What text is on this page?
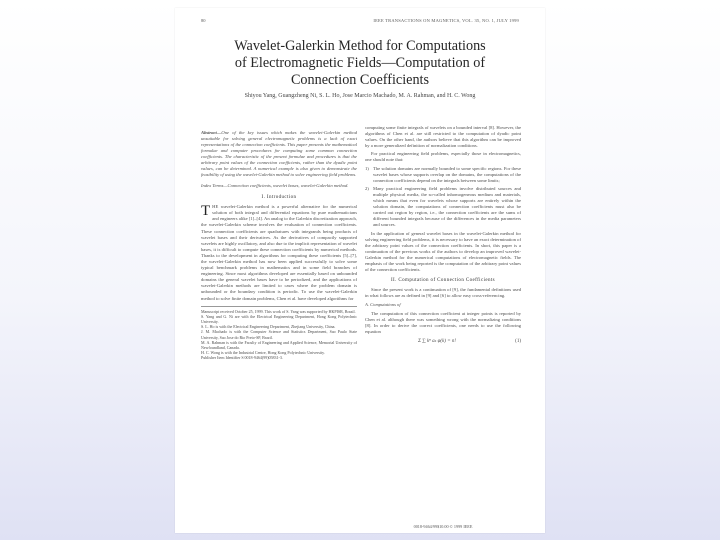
80	IEEE TRANSACTIONS ON MAGNETICS, VOL. 35, NO. 1, JULY 1999
Wavelet-Galerkin Method for Computations
of Electromagnetic Fields—Computation of
Connection Coefficients
Shiyou Yang, Guangzheng Ni, S. L. Ho, Jose Marcio Machado, M. A. Rahman, and H. C. Wong

Abstract—One of the key issues which makes the wavelet-Galerkin method unsuitable for solving general electromagnetic problems is a lack of exact representations of the connection coefficients. This paper presents the mathematical formulae and computer procedures for computing some common connection coefficients. The characteristic of the present formulae and procedures is that the arbitrary point values of the connection coefficients, rather than the dyadic point values, can be determined. A numerical example is also given to demonstrate the feasibility of using the wavelet-Galerkin method to solve engineering field problems.

Index Terms—Connection coefficients, wavelet bases, wavelet-Galerkin method.

I. Introduction

THE wavelet-Galerkin method is a powerful alternative for the numerical solution of both integral and differential equations by pure mathematicians and engineers alike [1]–[4]. An analog to the Galerkin discretization approach, the wavelet-Galerkin scheme involves the evaluation of connection coefficients. These connection coefficients are quadratures with integrands being products of wavelet bases and their derivatives. As the derivatives of compactly supported wavelets are highly oscillatory, and also due to the implicit representation of wavelet bases, it is difficult to compute these connection coefficients by numerical methods. Thanks to the development in algorithms for computing these coefficients [5]–[7], the wavelet-Galerkin method has now been applied successfully to solve some typical benchmark problems in mathematics and in some field branches of engineering. Since most algorithms developed are essentially based on unbounded domains the general wavelet bases have to be periodized, and the applications of wavelet-Galerkin methods are limited to cases where the problem domain is unbounded or the boundary condition is periodic. To use the wavelet-Galerkin method to solve finite domain problems, Chen et al. have developed algorithms for

Manuscript received October 25, 1999. This work of S. Yang was supported by HKPISR, Brazil.
S. Yang and G. Ni are with the Electrical Engineering Department, Hong Kong Polytechnic University.
S. L. Ho is with the Electrical Engineering Department, Zhejiang University, China.
J. M. Machado is with the Computer Science and Statistics Department, Sao Paulo State University, Sao Jose do Rio Preto-SP, Brazil.
M. A. Rahman is with the Faculty of Engineering and Applied Science, Memorial University of Newfoundland, Canada.
H. C. Wong is with the Industrial Centre, Hong Kong Polytechnic University.
Publisher Item Identifier S 0018-9464(99)05831-3.

computing some finite integrals of wavelets on a bounded interval [8]. However, the algorithms of Chen et al. are still restricted to the computation of dyadic point values. On the other hand, the authors believe that this algorithm can be improved by a more generalized definition of normalization conditions.

For practical engineering field problems, especially those in electromagnetics, one should note that:

1) The solution domains are normally bounded to some specific regions. For these wavelet bases whose supports overlap on the domains, the computations of the connection coefficients depend on the integrals between some limits;
2) Many practical engineering field problems involve distributed sources and multiple physical media, the so-called inhomogeneous medium and materials, which means that even for wavelets whose supports are entirely within the solution domain, the computations of connection coefficients must also be carried out region by region, i.e., the connection coefficients are the sums of different bounded integrals because of the differences in the media parameters and sources.

In the application of general wavelet bases in the wavelet-Galerkin method for solving engineering field problems, it is necessary to have an exact determination of the arbitrary point values of the connection coefficients. In short, this paper is a continuation of the previous works of the authors to develop an improved wavelet-Galerkin method for the numerical computations of electromagnetic fields. The emphasis of the work being reported is the computation of the arbitrary point values of the connection coefficients.

II. Computation of Connection Coefficients

Since the present work is a continuation of [9], the fundamental definitions used in what follows are as defined in [9] and [6] to allow easy cross-referencing.

A. Computations of

The computation of this connection coefficient at integer points is reported by Chen et al. although there was something wrong with the normalizing conditions [8]. In order to derive the correct coefficients, one needs to use the following equation

Σ ∑ kⁿ aₖ φ(k) = n!	(1)
0018-9464/99$10.00 © 1999 IEEE
